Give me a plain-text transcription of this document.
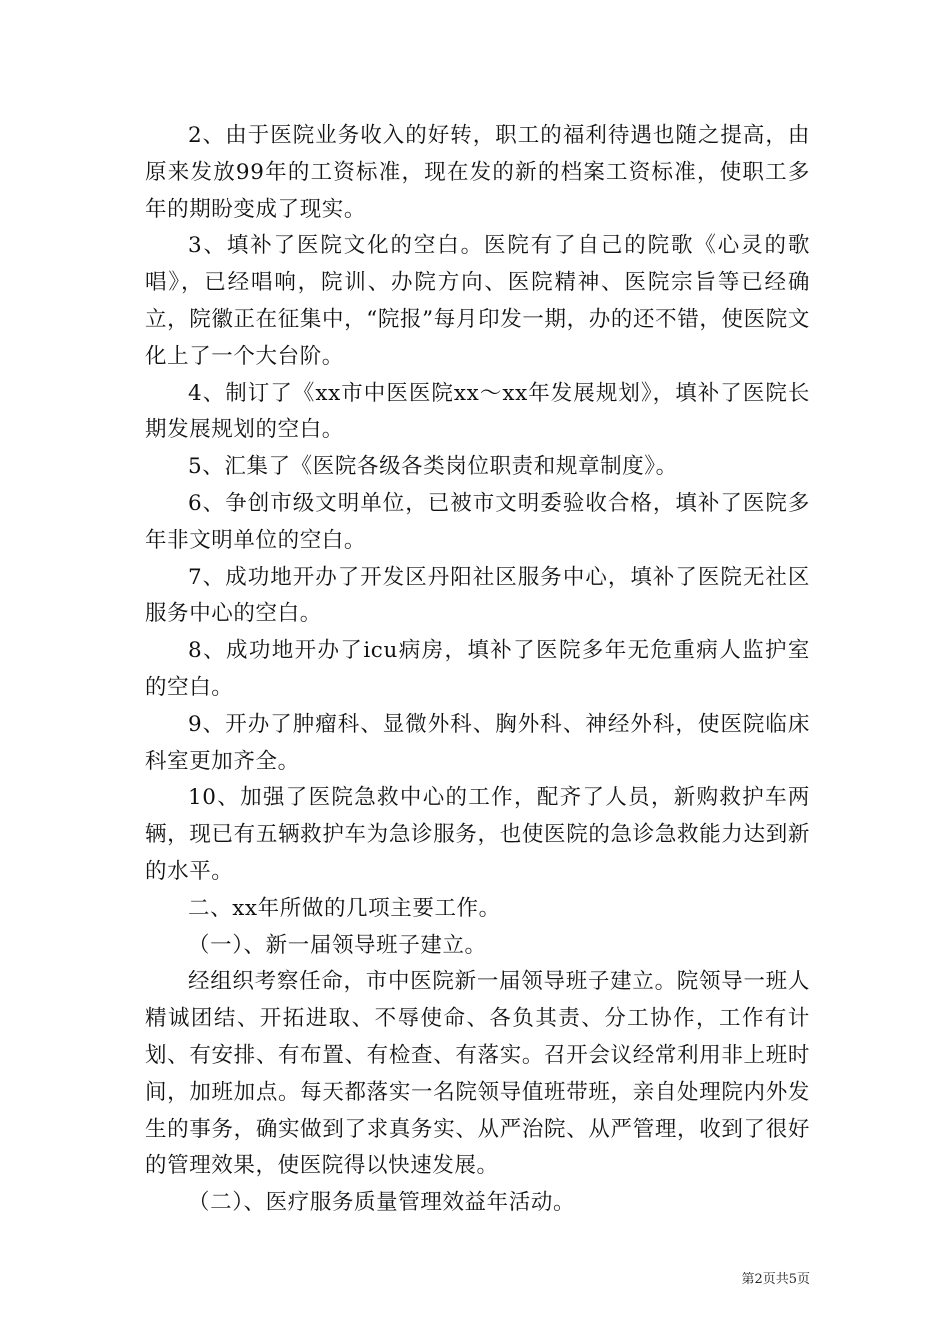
2、由于医院业务收入的好转，职工的福利待遇也随之提高，由原来发放99年的工资标准，现在发的新的档案工资标准，使职工多年的期盼变成了现实。

3、填补了医院文化的空白。医院有了自己的院歌《心灵的歌唱》，已经唱响，院训、办院方向、医院精神、医院宗旨等已经确立，院徽正在征集中，“院报”每月印发一期，办的还不错，使医院文化上了一个大台阶。

4、制订了《xx市中医医院xx～xx年发展规划》，填补了医院长期发展规划的空白。

5、汇集了《医院各级各类岗位职责和规章制度》。

6、争创市级文明单位，已被市文明委验收合格，填补了医院多年非文明单位的空白。

7、成功地开办了开发区丹阳社区服务中心，填补了医院无社区服务中心的空白。

8、成功地开办了icu病房，填补了医院多年无危重病人监护室的空白。

9、开办了肿瘤科、显微外科、胸外科、神经外科，使医院临床科室更加齐全。

10、加强了医院急救中心的工作，配齐了人员，新购救护车两辆，现已有五辆救护车为急诊服务，也使医院的急诊急救能力达到新的水平。

二、xx年所做的几项主要工作。

（一）、新一届领导班子建立。

经组织考察任命，市中医院新一届领导班子建立。院领导一班人精诚团结、开拓进取、不辱使命、各负其责、分工协作，工作有计划、有安排、有布置、有检查、有落实。召开会议经常利用非上班时间，加班加点。每天都落实一名院领导值班带班，亲自处理院内外发生的事务，确实做到了求真务实、从严治院、从严管理，收到了很好的管理效果，使医院得以快速发展。

（二）、医疗服务质量管理效益年活动。

第2页共5页
